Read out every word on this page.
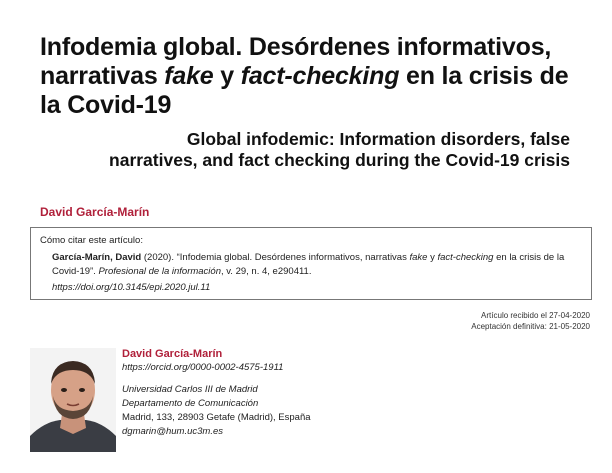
Infodemia global. Desórdenes informativos, narrativas fake y fact-checking en la crisis de la Covid-19
Global infodemic: Information disorders, false narratives, and fact checking during the Covid-19 crisis
David García-Marín

Cómo citar este artículo:

García-Marín, David (2020). “Infodemia global. Desórdenes informativos, narrativas fake y fact-checking en la crisis de la Covid-19”. Profesional de la información, v. 29, n. 4, e290411.

https://doi.org/10.3145/epi.2020.jul.11

Artículo recibido el 27-04-2020
Aceptación definitiva: 21-05-2020

David García-Marín

https://orcid.org/0000-0002-4575-1911

Universidad Carlos III de Madrid

Departamento de Comunicación

Madrid, 133, 28903 Getafe (Madrid), España

dgmarin@hum.uc3m.es
